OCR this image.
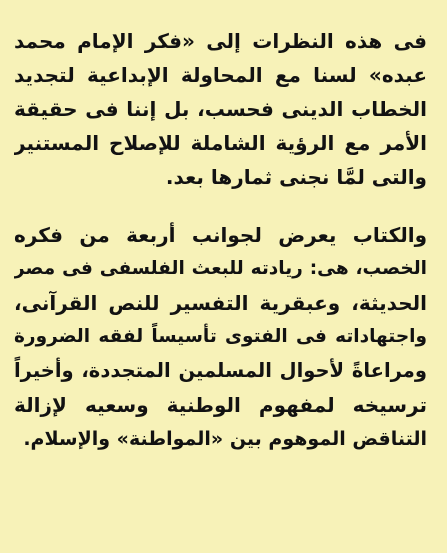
فى هذه النظرات إلى «فكر الإمام محمد
عبده» لسنا مع المحاولة الإبداعية لتجديد
الخطاب الدينى فحسب، بل إننا فى حقيقة
الأمر مع الرؤية الشاملة للإصلاح المستنير
والتى لمَّا نجنى ثمارها بعد.
والكتاب يعرض لجوانب أربعة من فكره
الخصب، هى: ريادته للبعث الفلسفى فى مصر
الحديثة، وعبقرية التفسير للنص القرآنى،
واجتهاداته فى الفتوى تأسيساً لفقه الضرورة
ومراعاةً لأحوال المسلمين المتجددة، وأخيراً
ترسيخه لمفهوم الوطنية وسعيه لإزالة
التناقض الموهوم بين «المواطنة» والإسلام.
